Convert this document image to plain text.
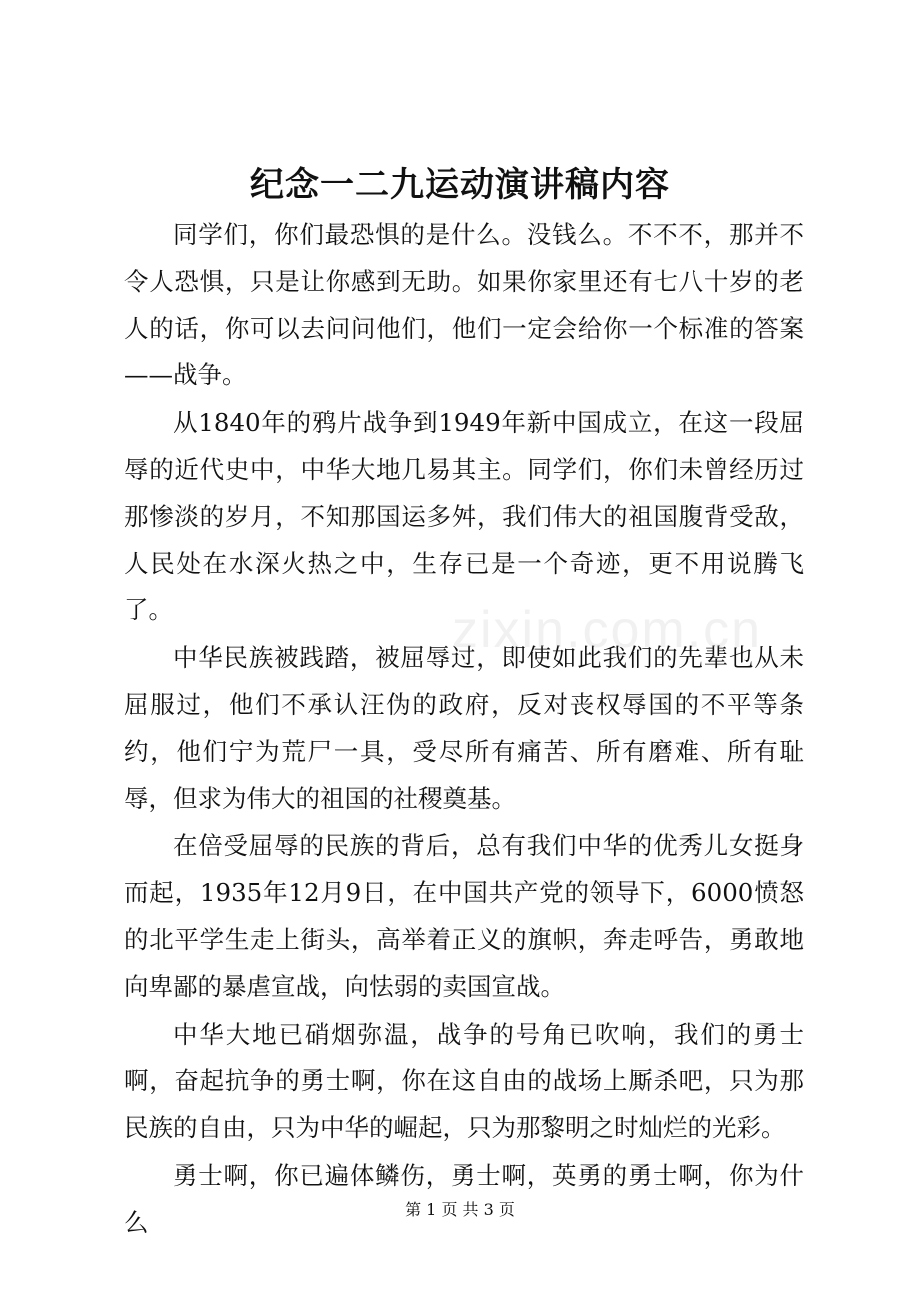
纪念一二九运动演讲稿内容

同学们，你们最恐惧的是什么。没钱么。不不不，那并不令人恐惧，只是让你感到无助。如果你家里还有七八十岁的老人的话，你可以去问问他们，他们一定会给你一个标准的答案——战争。

从1840年的鸦片战争到1949年新中国成立，在这一段屈辱的近代史中，中华大地几易其主。同学们，你们未曾经历过那惨淡的岁月，不知那国运多舛，我们伟大的祖国腹背受敌，人民处在水深火热之中，生存已是一个奇迹，更不用说腾飞了。

中华民族被践踏，被屈辱过，即使如此我们的先辈也从未屈服过，他们不承认汪伪的政府，反对丧权辱国的不平等条约，他们宁为荒尸一具，受尽所有痛苦、所有磨难、所有耻辱，但求为伟大的祖国的社稷奠基。

在倍受屈辱的民族的背后，总有我们中华的优秀儿女挺身而起，1935年12月9日，在中国共产党的领导下，6000愤怒的北平学生走上街头，高举着正义的旗帜，奔走呼告，勇敢地向卑鄙的暴虐宣战，向怯弱的卖国宣战。

中华大地已硝烟弥温，战争的号角已吹响，我们的勇士啊，奋起抗争的勇士啊，你在这自由的战场上厮杀吧，只为那民族的自由，只为中华的崛起，只为那黎明之时灿烂的光彩。

勇士啊，你已遍体鳞伤，勇士啊，英勇的勇士啊，你为什么

zixin.com.cn
第 1 页 共 3 页
